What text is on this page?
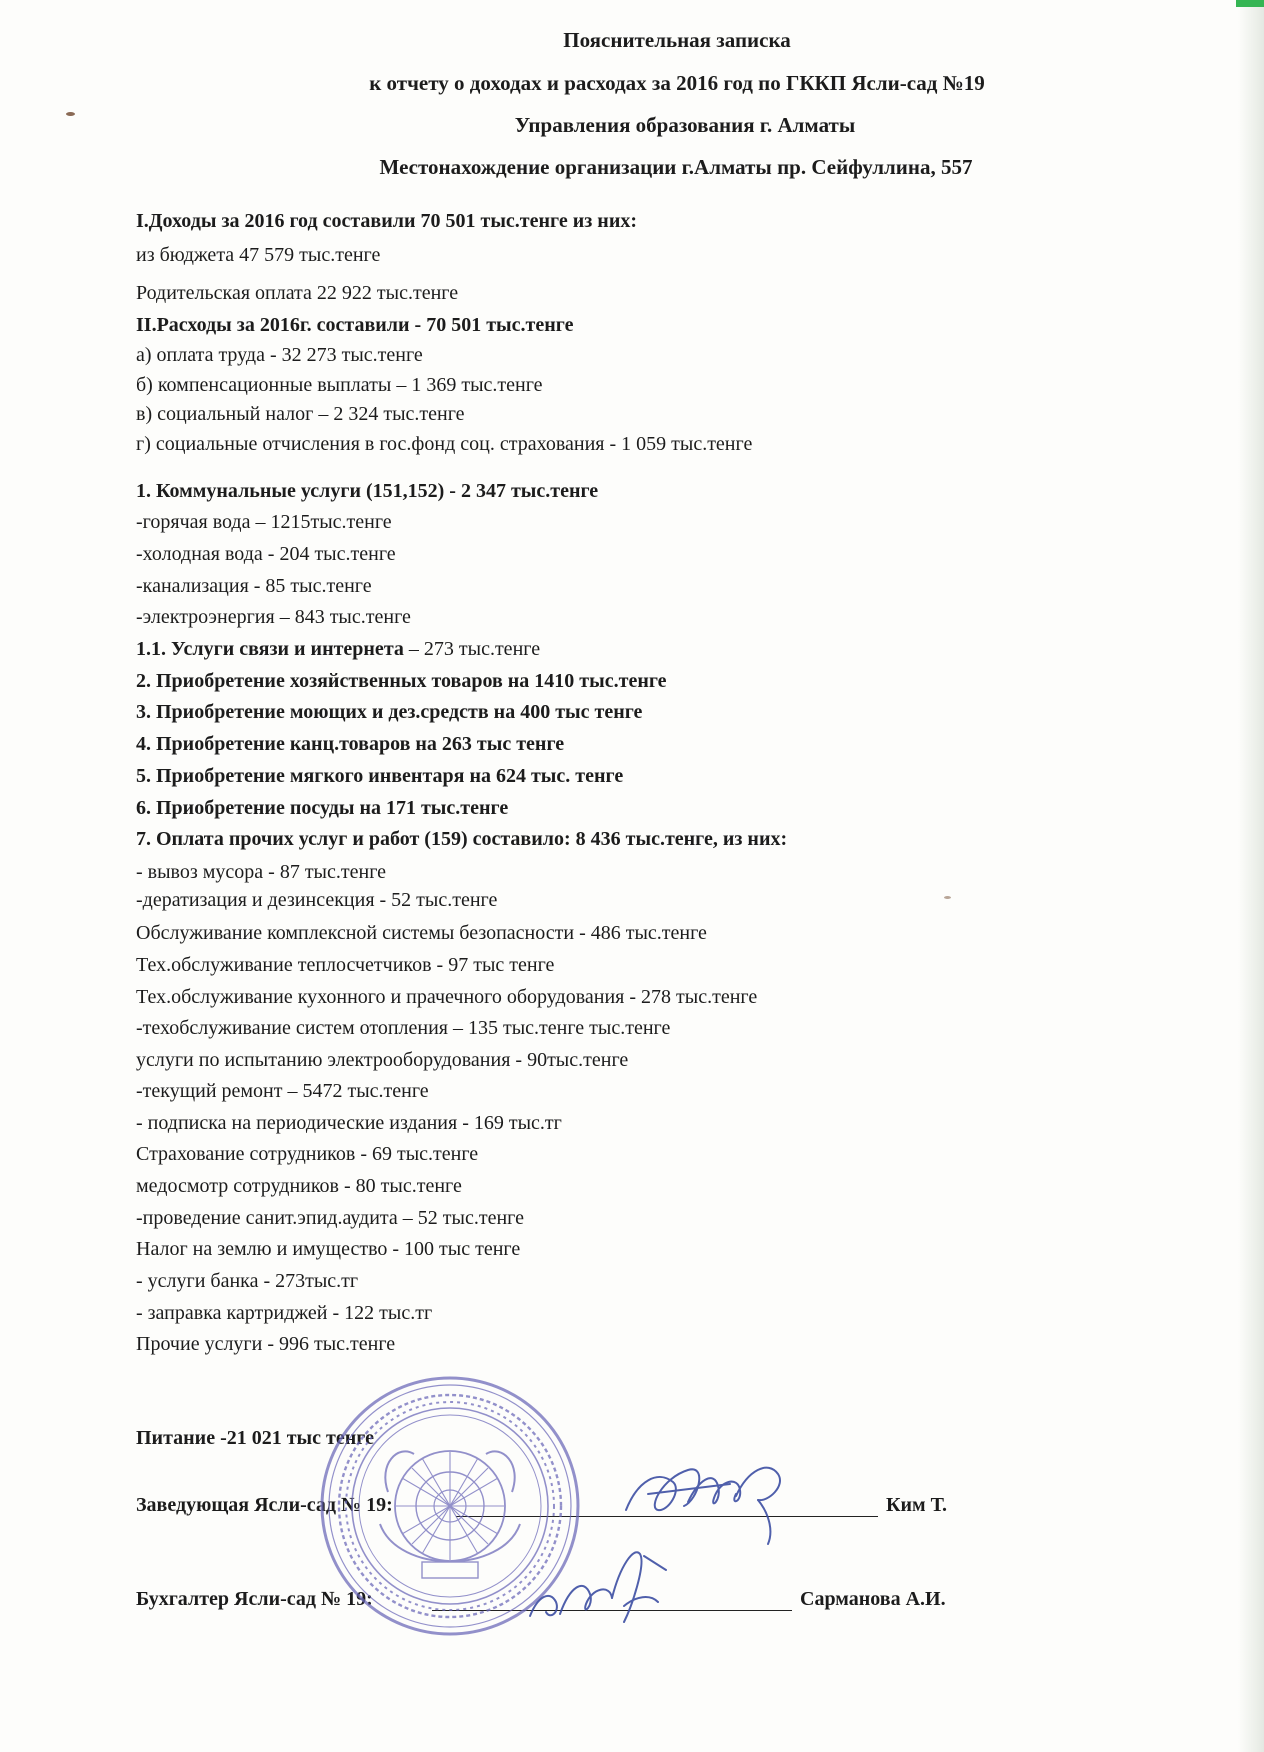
Пояснительная записка
к отчету о доходах и расходах за 2016 год по ГККП Ясли-сад №19
Управления образования г. Алматы
Местонахождение организации г.Алматы пр. Сейфуллина, 557
I.Доходы за 2016 год составили 70 501 тыс.тенге из них:
из бюджета 47 579 тыс.тенге
Родительская оплата 22 922 тыс.тенге
II.Расходы за 2016г. составили - 70 501 тыс.тенге
а) оплата труда - 32 273 тыс.тенге
б) компенсационные выплаты – 1 369 тыс.тенге
в) социальный налог – 2 324 тыс.тенге
г) социальные отчисления в гос.фонд соц. страхования - 1 059 тыс.тенге
1. Коммунальные услуги (151,152) - 2 347 тыс.тенге
-горячая вода – 1215тыс.тенге
-холодная вода - 204 тыс.тенге
-канализация - 85 тыс.тенге
-электроэнергия – 843 тыс.тенге
1.1. Услуги связи и интернета – 273 тыс.тенге
2. Приобретение хозяйственных товаров на 1410 тыс.тенге
3. Приобретение моющих и дез.средств на 400 тыс тенге
4. Приобретение канц.товаров на 263 тыс тенге
5. Приобретение мягкого инвентаря на 624 тыс. тенге
6. Приобретение посуды на 171 тыс.тенге
7. Оплата прочих услуг и работ (159) составило: 8 436 тыс.тенге, из них:
- вывоз мусора - 87 тыс.тенге
-дератизация и дезинсекция - 52 тыс.тенге
Обслуживание комплексной системы безопасности - 486 тыс.тенге
Тех.обслуживание теплосчетчиков - 97 тыс тенге
Тех.обслуживание кухонного и прачечного оборудования - 278 тыс.тенге
-техобслуживание систем отопления – 135 тыс.тенге тыс.тенге
услуги по испытанию электрооборудования - 90тыс.тенге
-текущий ремонт – 5472 тыс.тенге
- подписка на периодические издания - 169 тыс.тг
Страхование сотрудников - 69 тыс.тенге
медосмотр сотрудников - 80 тыс.тенге
-проведение санит.эпид.аудита – 52 тыс.тенге
Налог на землю и имущество - 100 тыс тенге
- услуги банка - 273тыс.тг
- заправка картриджей - 122 тыс.тг
Прочие услуги - 996 тыс.тенге
Питание -21 021 тыс тенге
Заведующая Ясли-сад № 19:	Ким Т.
Бухгалтер Ясли-сад № 19:	Сарманова А.И.
